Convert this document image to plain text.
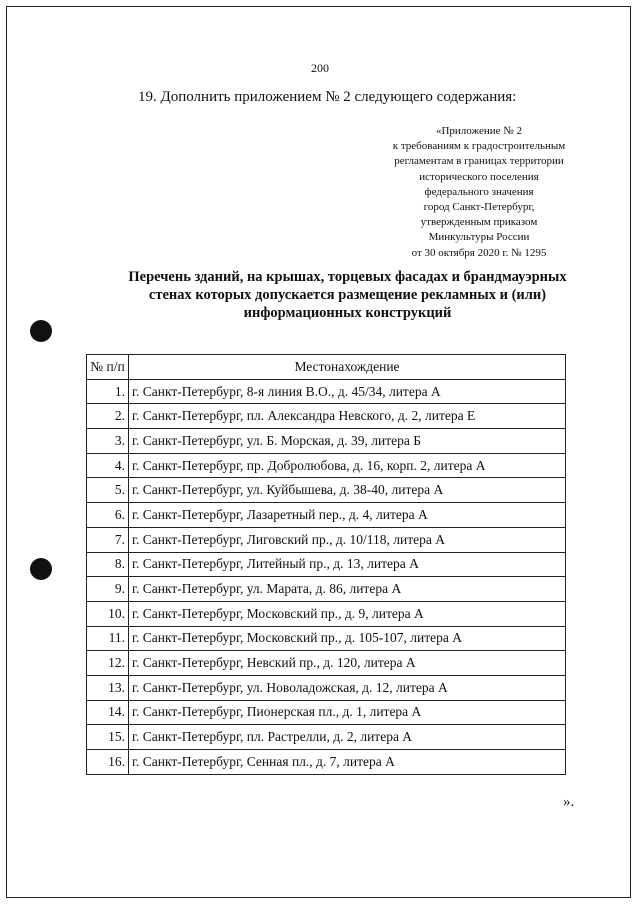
200
19. Дополнить приложением № 2 следующего содержания:
«Приложение № 2
к требованиям к градостроительным
регламентам в границах территории
исторического поселения
федерального значения
город Санкт-Петербург,
утвержденным приказом
Минкультуры России
от 30 октября 2020 г. № 1295
Перечень зданий, на крышах, торцевых фасадах и брандмауэрных
стенах которых допускается размещение рекламных и (или)
информационных конструкций
№ п/п	Местонахождение
1.	г. Санкт-Петербург, 8-я линия В.О., д. 45/34, литера А
2.	г. Санкт-Петербург, пл. Александра Невского, д. 2, литера Е
3.	г. Санкт-Петербург, ул. Б. Морская, д. 39, литера Б
4.	г. Санкт-Петербург, пр. Добролюбова, д. 16, корп. 2, литера А
5.	г. Санкт-Петербург, ул. Куйбышева, д. 38-40, литера А
6.	г. Санкт-Петербург, Лазаретный пер., д. 4, литера А
7.	г. Санкт-Петербург, Лиговский пр., д. 10/118, литера А
8.	г. Санкт-Петербург, Литейный пр., д. 13, литера А
9.	г. Санкт-Петербург, ул. Марата, д. 86, литера А
10.	г. Санкт-Петербург, Московский пр., д. 9, литера А
11.	г. Санкт-Петербург, Московский пр., д. 105-107, литера А
12.	г. Санкт-Петербург, Невский пр., д. 120, литера А
13.	г. Санкт-Петербург, ул. Новоладожская, д. 12, литера А
14.	г. Санкт-Петербург, Пионерская пл., д. 1, литера А
15.	г. Санкт-Петербург, пл. Растрелли, д. 2, литера А
16.	г. Санкт-Петербург, Сенная пл., д. 7, литера А
».
